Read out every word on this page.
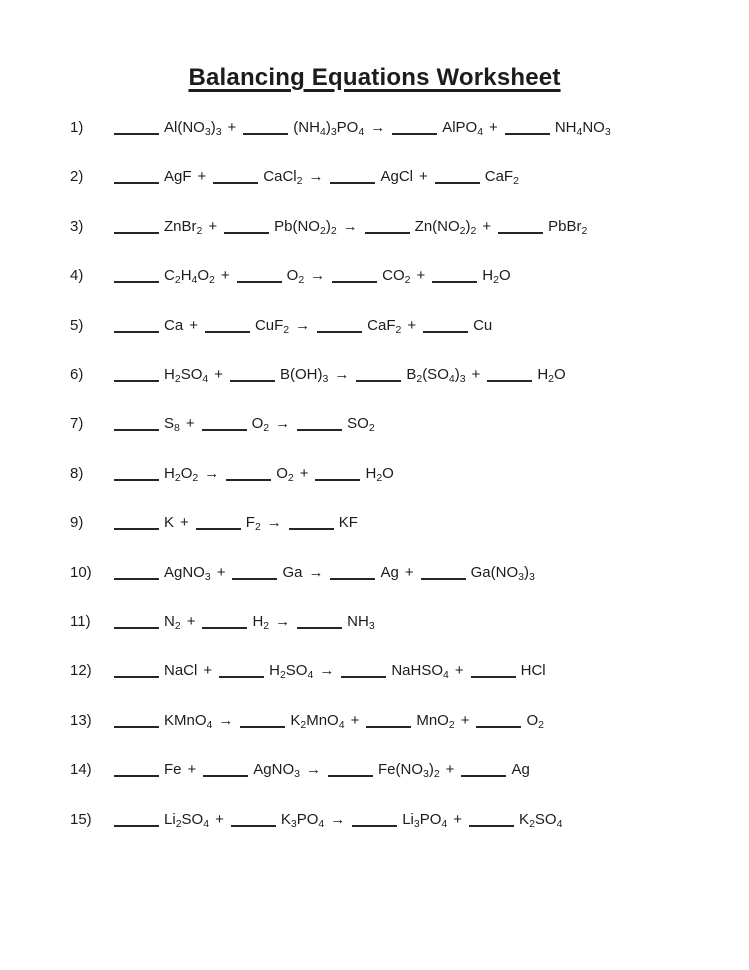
Balancing Equations Worksheet
1)	$Al(NO_3)_3$ +	$(NH_4)_3PO_4$ →	AlPO$_4$ +	$NH_4NO_3$
2)	AgF +	CaCl$_2$ →	AgCl +	CaF$_2$
3)	ZnBr$_2$ +	$Pb(NO_2)_2$ →	$Zn(NO_2)_2$ +	PbBr$_2$
4)	$C_2H_4O_2$ +	$O_2$ →	$CO_2$ +	$H_2O$
5)	Ca +	CuF$_2$ →	CaF$_2$ +	Cu
6)	$H_2SO_4$ +	$B(OH)_3$ →	$B_2(SO_4)_3$ +	$H_2O$
7)	$S_8$ +	$O_2$ →	$SO_2$
8)	$H_2O_2$ →	$O_2$ +	$H_2O$
9)	K +	$F_2$ →	KF
10)	AgNO$_3$ +	Ga →	Ag +	$Ga(NO_3)_3$
11)	$N_2$ +	$H_2$ →	$NH_3$
12)	NaCl +	$H_2SO_4$ →	NaHSO$_4$ +	HCl
13)	KMnO$_4$ →	$K_2MnO_4$ +	MnO$_2$ +	$O_2$
14)	Fe +	AgNO$_3$ →	$Fe(NO_3)_2$ +	Ag
15)	$Li_2SO_4$ +	$K_3PO_4$ →	$Li_3PO_4$ +	$K_2SO_4$
